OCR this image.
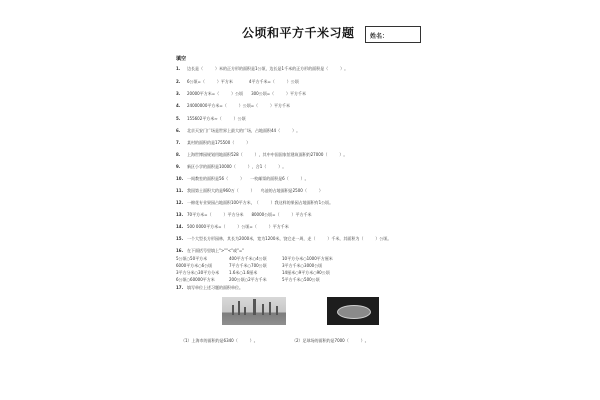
公顷和平方千米习题	姓名：
填空
1. 边长是（　　　）米的正方形的面积是1公顷，边长是1千米的正方形的面积是（　　　）。
2. 6公顷=（　　　）平方米　　　　4平方千米=（　　　）公顷
3. 20000平方米=（　　　）公顷　　300公顷=（　　　）平方千米
4. 24000000平方米=（　　　）公顷=（　　　）平方千米
5. 155602平方米≈（　　　）公顷
6. 北京天安门广场是世界上最大的广场，占地面积44（　　　）。
7. 某村的面积约是175500（　　　）
8. 上海世博园规划用地面积528（　　　），其中中国国家馆建筑面积约27000（　　　）。
9. 新区小学的面积是10000（　　　），合1（　　　）。
10. 一间教室的面积是56（　　　）　　一枚邮票的面积是6（　　　）。
11. 我国第土面积大约是960万（　　　）　　鸟池的占地面积是2500（　　　）
12. 一棉花专业果园占地面积100平方米，（　　　）我这样的果园占地面积有1公顷。
13. 70平方米=（　　　）平方分米　　80000公顷=（　　　）平方千米
14. 500 0000平方米=（　　　）公顷=（　　　）平方千米
15. 一个大型长方形园林，其长为2000米，宽为1200米，饶它走一周，走（　　　）千米，其面积为（　　　）公顷。
16. 在下面括号里填上">""<"或"="
5公顷○50平方米	400平方千米○4公顷	10平方分米○1000平方厘米
6000平方米○6公顷	7平方千米○700公顷	3平方千米○3000公顷
3平方分米○30平方分米 1.6米○1.6厘米	14厘米○9平方米○90公顷
6公顷○60000平方米	200公顷○2平方千米	5平方千米○500公顷
17. 填写单位上述习题的面积单位。
（1）上海市的面积约是6340（　　　）。	（2）足球场的面积约是7000（　　　）。
